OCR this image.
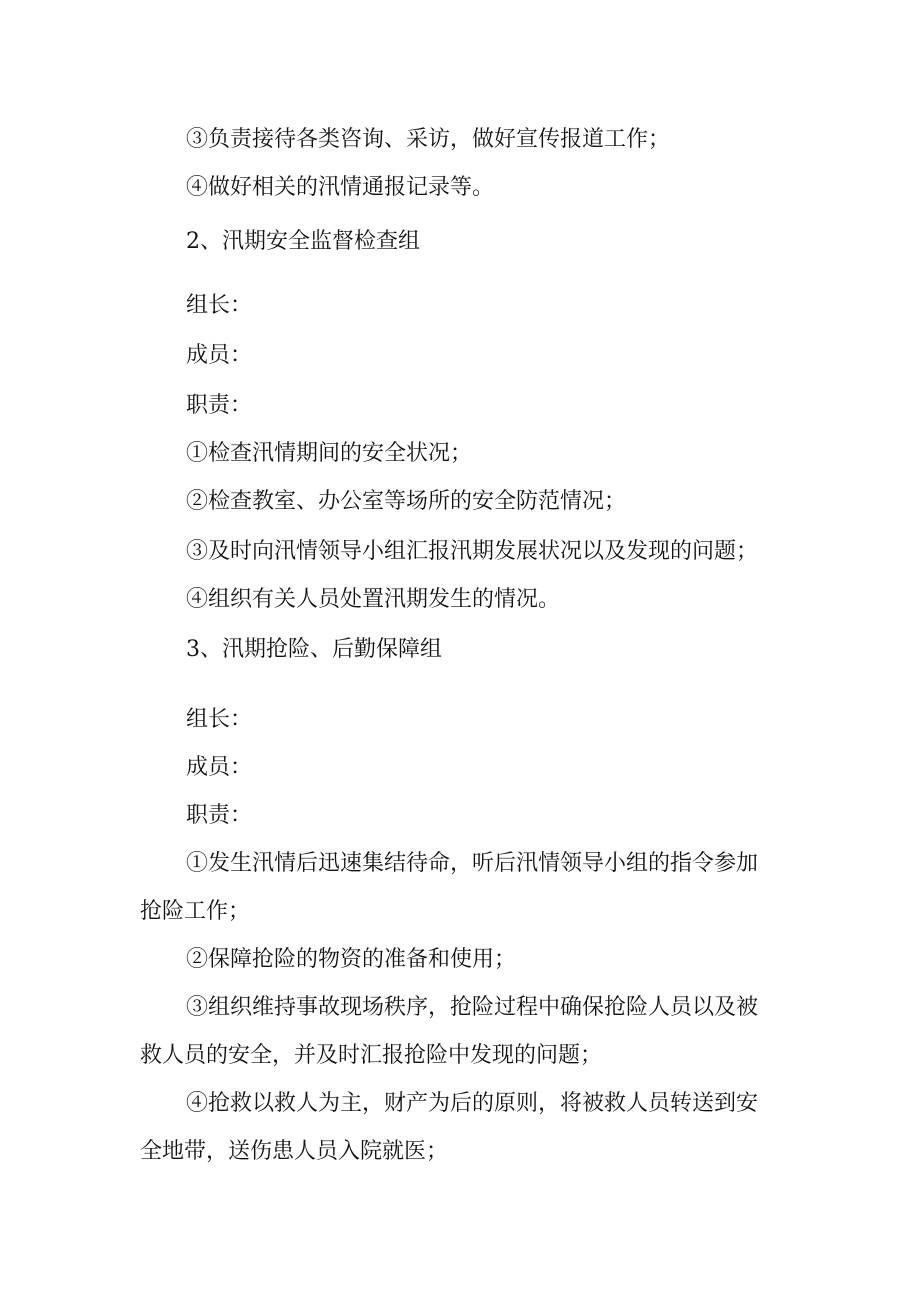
③负责接待各类咨询、采访，做好宣传报道工作；
④做好相关的汛情通报记录等。
2、汛期安全监督检查组
组长：
成员：
职责：
①检查汛情期间的安全状况；
②检查教室、办公室等场所的安全防范情况；
③及时向汛情领导小组汇报汛期发展状况以及发现的问题；
④组织有关人员处置汛期发生的情况。
3、汛期抢险、后勤保障组
组长：
成员：
职责：
①发生汛情后迅速集结待命，听后汛情领导小组的指令参加
抢险工作；
②保障抢险的物资的准备和使用；
③组织维持事故现场秩序，抢险过程中确保抢险人员以及被
救人员的安全，并及时汇报抢险中发现的问题；
④抢救以救人为主，财产为后的原则，将被救人员转送到安
全地带，送伤患人员入院就医；
